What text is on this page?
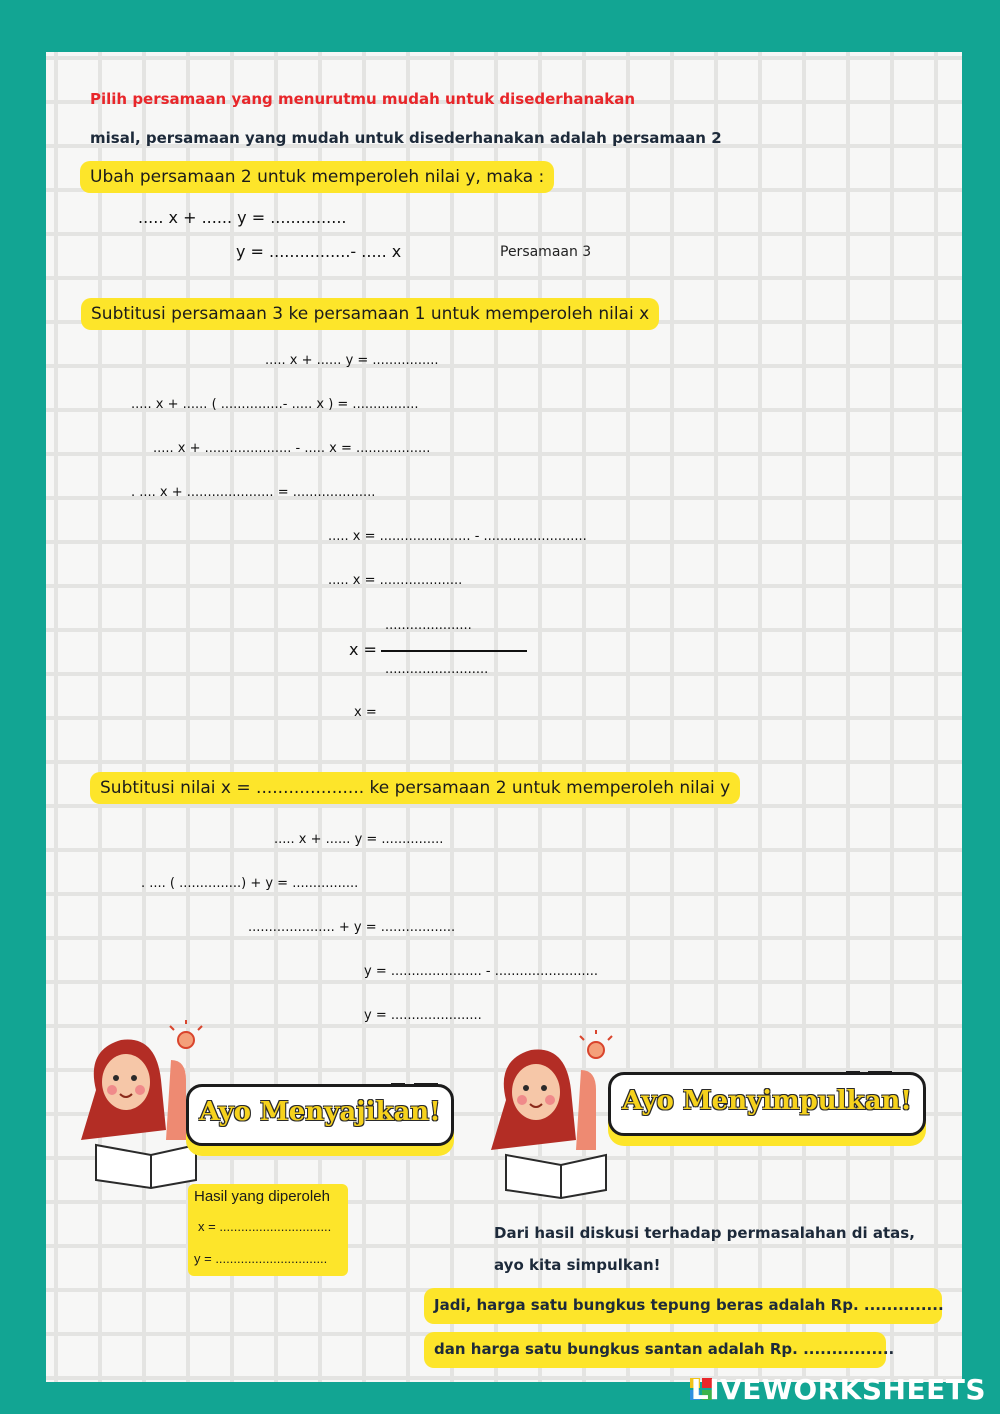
Pilih persamaan yang menurutmu mudah untuk disederhanakan
misal, persamaan yang mudah untuk disederhanakan adalah persamaan 2
Ubah persamaan 2 untuk memperoleh nilai y, maka :
..... x + ...... y = ...............
y = ................- ..... x	Persamaan 3
Subtitusi persamaan 3 ke persamaan 1 untuk memperoleh nilai x
..... x + ...... y = ................
..... x + ...... ( ...............- ..... x ) = ................
..... x + ..................... - ..... x = ..................
. .... x + ..................... = ....................
..... x = ...................... - .........................
..... x = ....................
.....................
x =
.........................
x =
Subtitusi nilai x = .................... ke persamaan 2 untuk memperoleh nilai y
..... x + ...... y = ...............
. .... ( ...............) + y = ................
..................... + y = ..................
y = ...................... - .........................
y = ......................
Ayo Menyajikan!
Hasil yang diperoleh
x = ...............................
y = ...............................
Ayo Menyimpulkan!
Dari hasil diskusi terhadap permasalahan di atas,
ayo kita simpulkan!
Jadi, harga satu bungkus tepung beras adalah Rp. ..............
dan harga satu bungkus santan adalah Rp. ................
LIVEWORKSHEETS
